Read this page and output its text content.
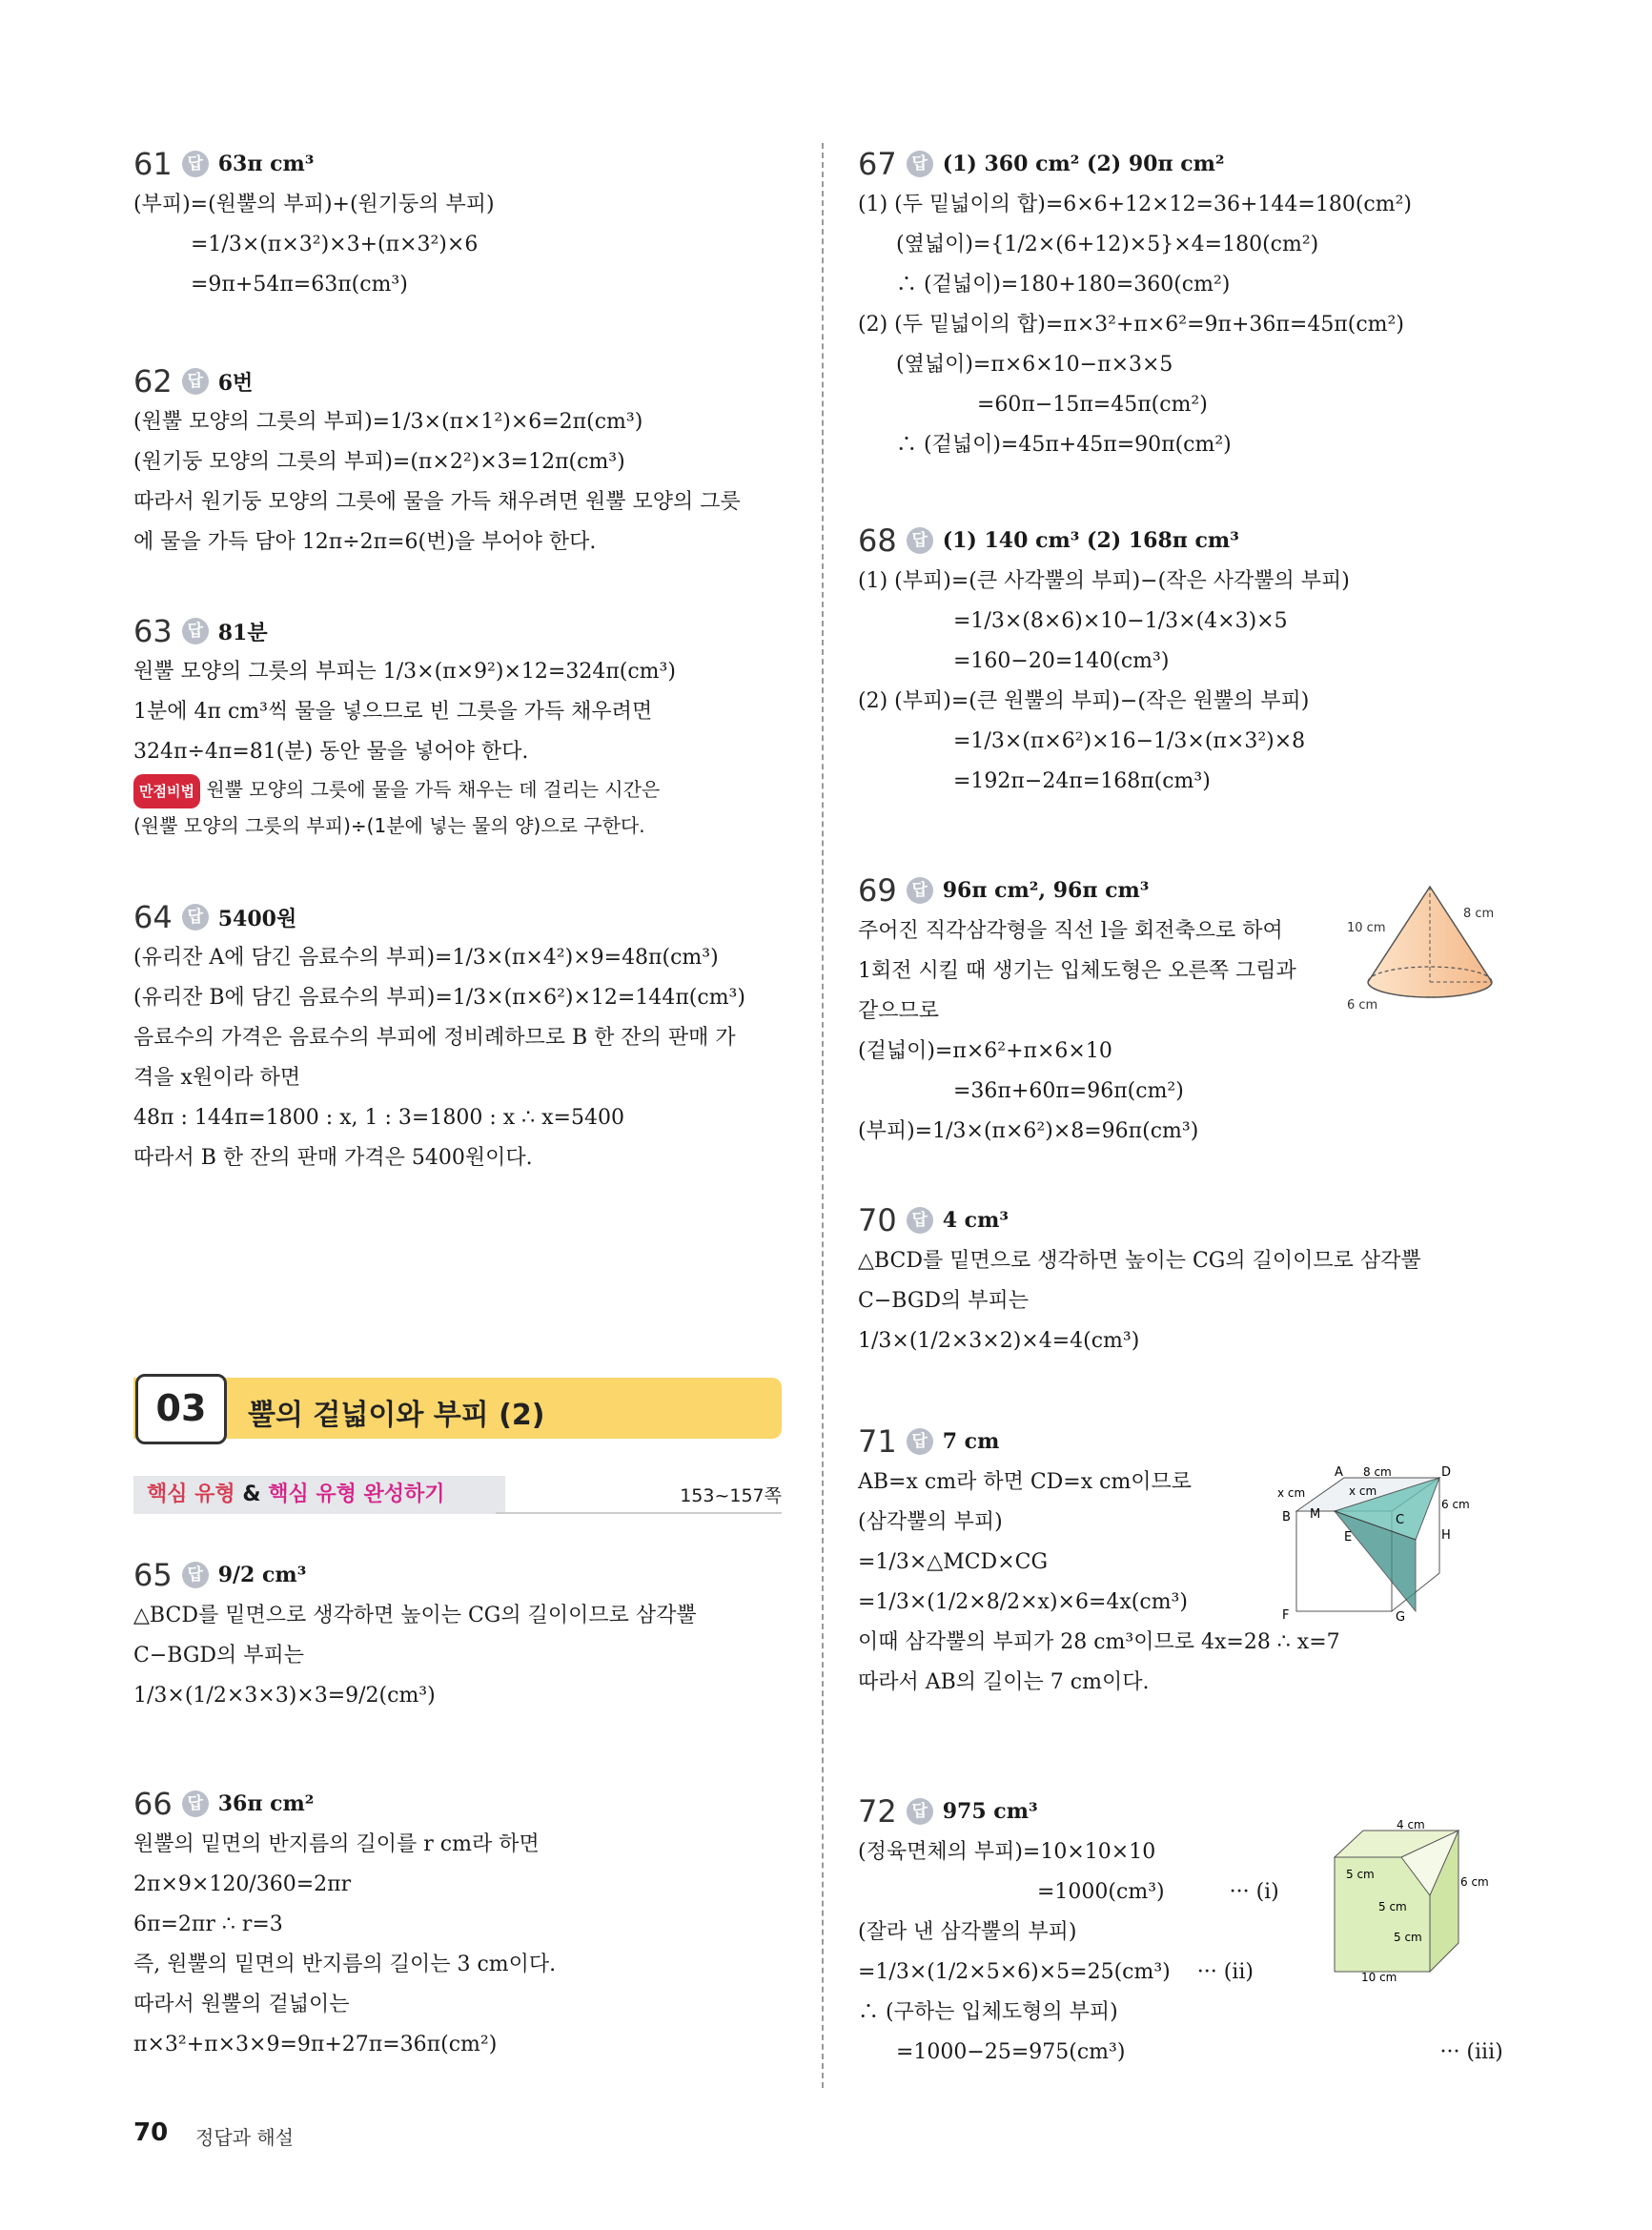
61 답 63π cm³
(부피)=(원뿔의 부피)+(원기둥의 부피)
=1/3×(π×3²)×3+(π×3²)×6
=9π+54π=63π(cm³)
62 답 6번
(원뿔 모양의 그릇의 부피)=1/3×(π×1²)×6=2π(cm³)
(원기둥 모양의 그릇의 부피)=(π×2²)×3=12π(cm³)
따라서 원기둥 모양의 그릇에 물을 가득 채우려면 원뿔 모양의 그릇
에 물을 가득 담아 12π÷2π=6(번)을 부어야 한다.
63 답 81분
원뿔 모양의 그릇의 부피는 1/3×(π×9²)×12=324π(cm³)
1분에 4π cm³씩 물을 넣으므로 빈 그릇을 가득 채우려면
324π÷4π=81(분) 동안 물을 넣어야 한다.
만점비법 원뿔 모양의 그릇에 물을 가득 채우는 데 걸리는 시간은
(원뿔 모양의 그릇의 부피)÷(1분에 넣는 물의 양)으로 구한다.
64 답 5400원
(유리잔 A에 담긴 음료수의 부피)=1/3×(π×4²)×9=48π(cm³)
(유리잔 B에 담긴 음료수의 부피)=1/3×(π×6²)×12=144π(cm³)
음료수의 가격은 음료수의 부피에 정비례하므로 B 한 잔의 판매 가
격을 x원이라 하면
48π : 144π=1800 : x, 1 : 3=1800 : x ∴ x=5400
따라서 B 한 잔의 판매 가격은 5400원이다.
03	뿔의 겉넓이와 부피 (2)
핵심 유형 & 핵심 유형 완성하기	153~157쪽
65 답 9/2 cm³
△BCD를 밑면으로 생각하면 높이는 CG의 길이이므로 삼각뿔
C−BGD의 부피는
1/3×(1/2×3×3)×3=9/2(cm³)
66 답 36π cm²
원뿔의 밑면의 반지름의 길이를 r cm라 하면
2π×9×120/360=2πr
6π=2πr ∴ r=3
즉, 원뿔의 밑면의 반지름의 길이는 3 cm이다.
따라서 원뿔의 겉넓이는
π×3²+π×3×9=9π+27π=36π(cm²)
67 답 (1) 360 cm² (2) 90π cm²
(1) (두 밑넓이의 합)=6×6+12×12=36+144=180(cm²)
(옆넓이)={1/2×(6+12)×5}×4=180(cm²)
∴ (겉넓이)=180+180=360(cm²)
(2) (두 밑넓이의 합)=π×3²+π×6²=9π+36π=45π(cm²)
(옆넓이)=π×6×10−π×3×5
=60π−15π=45π(cm²)
∴ (겉넓이)=45π+45π=90π(cm²)
68 답 (1) 140 cm³ (2) 168π cm³
(1) (부피)=(큰 사각뿔의 부피)−(작은 사각뿔의 부피)
=1/3×(8×6)×10−1/3×(4×3)×5
=160−20=140(cm³)
(2) (부피)=(큰 원뿔의 부피)−(작은 원뿔의 부피)
=1/3×(π×6²)×16−1/3×(π×3²)×8
=192π−24π=168π(cm³)
69 답 96π cm², 96π cm³
주어진 직각삼각형을 직선 l을 회전축으로 하여
1회전 시킬 때 생기는 입체도형은 오른쪽 그림과
같으므로
(겉넓이)=π×6²+π×6×10
=36π+60π=96π(cm²)
(부피)=1/3×(π×6²)×8=96π(cm³)
10 cm
8 cm
6 cm
70 답 4 cm³
△BCD를 밑면으로 생각하면 높이는 CG의 길이이므로 삼각뿔
C−BGD의 부피는
1/3×(1/2×3×2)×4=4(cm³)
71 답 7 cm
AB=x cm라 하면 CD=x cm이므로
(삼각뿔의 부피)
=1/3×△MCD×CG
=1/3×(1/2×8/2×x)×6=4x(cm³)
이때 삼각뿔의 부피가 28 cm³이므로 4x=28 ∴ x=7
따라서 AB의 길이는 7 cm이다.
A 8 cm	D
x cm	x cm
6 cm
B M	C
E	H
F	G
72 답 975 cm³
(정육면체의 부피)=10×10×10
=1000(cm³)	··· (i)
(잘라 낸 삼각뿔의 부피)
=1/3×(1/2×5×6)×5=25(cm³) ··· (ii)
∴ (구하는 입체도형의 부피)
=1000−25=975(cm³)	··· (iii)
4 cm
5 cm
5 cm
6 cm
5 cm
10 cm
70 정답과 해설
